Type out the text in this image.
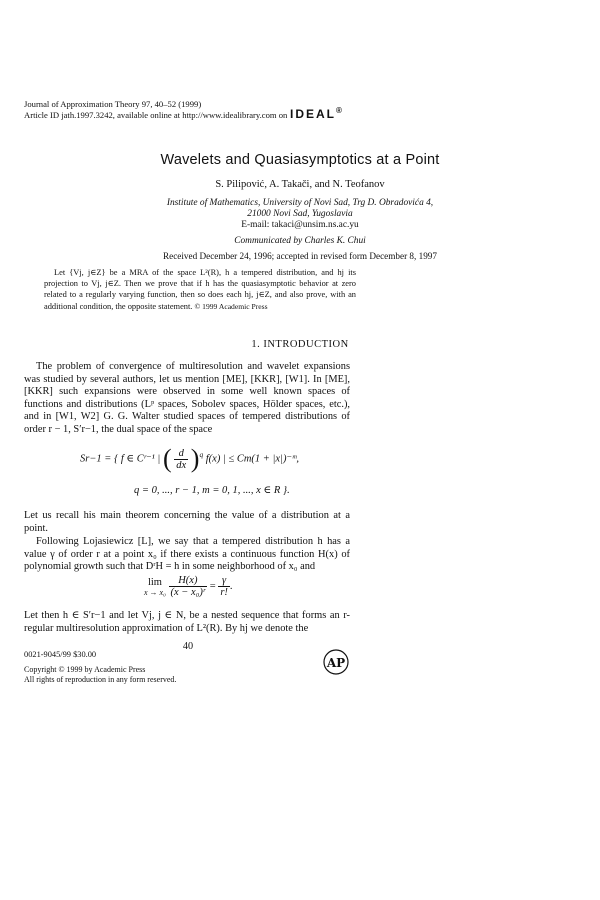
Journal of Approximation Theory 97, 40–52 (1999)
Article ID jath.1997.3242, available online at http://www.idealibrary.com on IDEAL®
Wavelets and Quasiasymptotics at a Point
S. Pilipović, A. Takači, and N. Teofanov
Institute of Mathematics, University of Novi Sad, Trg D. Obradovića 4,
21000 Novi Sad, Yugoslavia
E-mail: takaci@unsim.ns.ac.yu
Communicated by Charles K. Chui
Received December 24, 1996; accepted in revised form December 8, 1997
Let {Vj, j∈Z} be a MRA of the space L²(R), h a tempered distribution, and hj its projection to Vj, j∈Z. Then we prove that if h has the quasiasymptotic behavior at zero related to a regularly varying function, then so does each hj, j∈Z, and also prove, with an additional condition, the opposite statement. © 1999 Academic Press
1. INTRODUCTION
The problem of convergence of multiresolution and wavelet expansions was studied by several authors, let us mention [ME], [KKR], [W1]. In [ME], [KKR] such expansions were observed in some well known spaces of functions and distributions (Lᵖ spaces, Sobolev spaces, Hölder spaces, etc.), and in [W1, W2] G. G. Walter studied spaces of tempered distributions of order r − 1, S′r−1, the dual space of the space
Sr−1 = { f ∈ Cʳ⁻¹ | ( $\frac{d}{dx} )^q$ f(x) | ≤ Cm(1 + |x|)⁻ᵐ,
q = 0, ..., r − 1, m = 0, 1, ..., x ∈ R }.
Let us recall his main theorem concerning the value of a distribution at a point.
Following Lojasiewicz [L], we say that a tempered distribution h has a value γ of order r at a point x₀ if there exists a continuous function H(x) of polynomial growth such that DʳH = h in some neighborhood of x₀ and
lim
x → x₀
$\frac{H(x)}{\text{(x − x₀)ʳ}} = \frac{\gamma}{r!}$ .
Let then h ∈ S′r−1 and let Vj, j ∈ N, be a nested sequence that forms an r-regular multiresolution approximation of L²(R). By hj we denote the
40
0021-9045/99 $30.00
Copyright © 1999 by Academic Press
All rights of reproduction in any form reserved.
AP
